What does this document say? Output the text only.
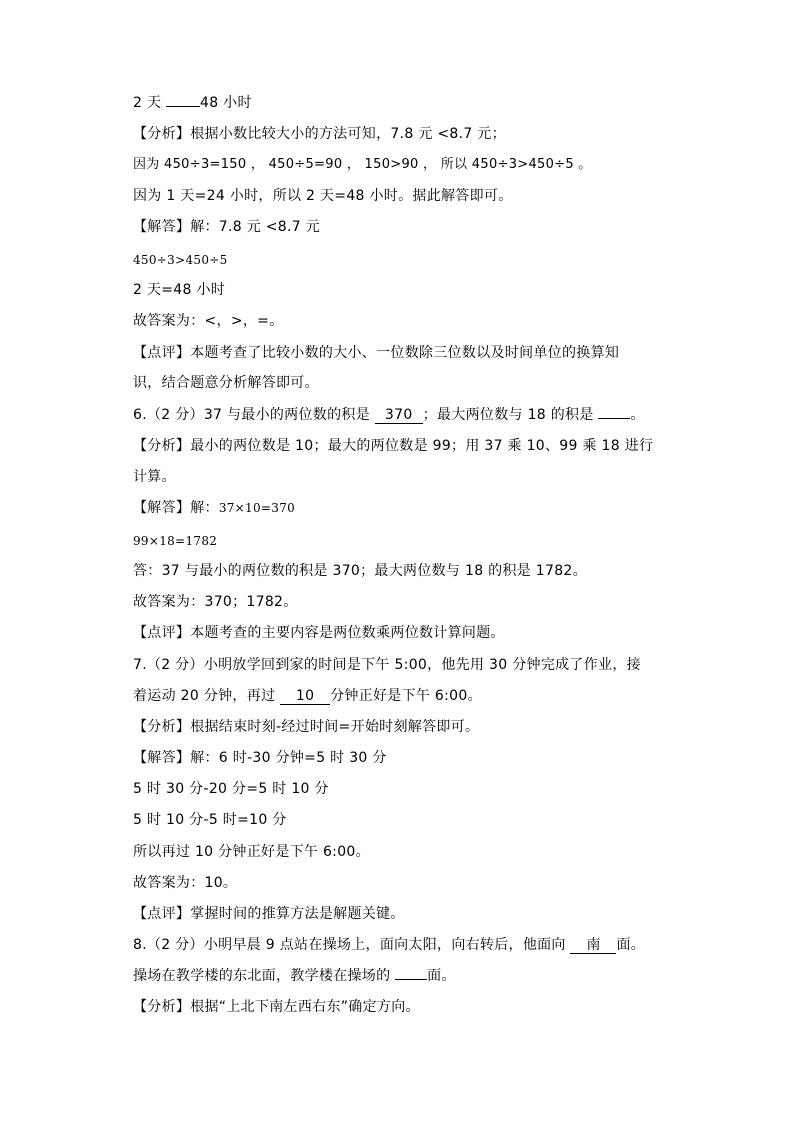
2 天 48 小时
【分析】根据小数比较大小的方法可知，7.8 元 <8.7 元；
因为 450÷3=150 ， 450÷5=90 ， 150>90 ， 所以 450÷3>450÷5 。
因为 1 天=24 小时，所以 2 天=48 小时。据此解答即可。
【解答】解：7.8 元 <8.7 元
450÷3>450÷5
2 天=48 小时
故答案为：<，>，=。
【点评】本题考查了比较小数的大小、一位数除三位数以及时间单位的换算知
识，结合题意分析解答即可。
6.（2 分）37 与最小的两位数的积是 370 ；最大两位数与 18 的积是 。
【分析】最小的两位数是 10；最大的两位数是 99；用 37 乘 10、99 乘 18 进行
计算。
【解答】解：37×10=370
99×18=1782
答：37 与最小的两位数的积是 370；最大两位数与 18 的积是 1782。
故答案为：370；1782。
【点评】本题考查的主要内容是两位数乘两位数计算问题。
7.（2 分）小明放学回到家的时间是下午 5:00，他先用 30 分钟完成了作业，接
着运动 20 分钟，再过 10 分钟正好是下午 6:00。
【分析】根据结束时刻-经过时间=开始时刻解答即可。
【解答】解：6 时-30 分钟=5 时 30 分
5 时 30 分-20 分=5 时 10 分
5 时 10 分-5 时=10 分
所以再过 10 分钟正好是下午 6:00。
故答案为：10。
【点评】掌握时间的推算方法是解题关键。
8.（2 分）小明早晨 9 点站在操场上，面向太阳，向右转后，他面向 南 面。
操场在教学楼的东北面，教学楼在操场的 面。
【分析】根据“上北下南左西右东”确定方向。
